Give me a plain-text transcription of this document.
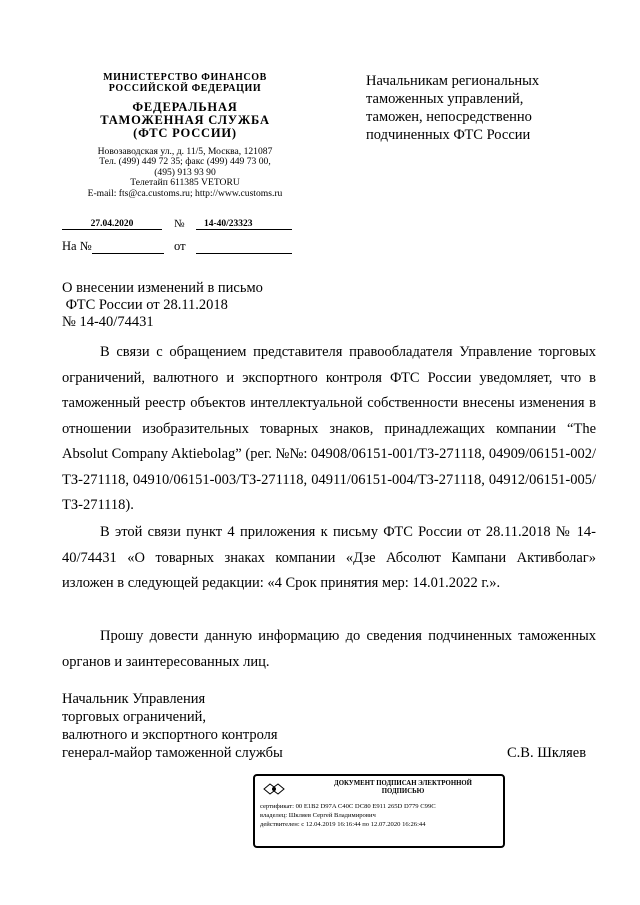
МИНИСТЕРСТВО ФИНАНСОВ
РОССИЙСКОЙ ФЕДЕРАЦИИ
ФЕДЕРАЛЬНАЯ
ТАМОЖЕННАЯ СЛУЖБА
(ФТС РОССИИ)
Новозаводская ул., д. 11/5, Москва, 121087
Тел. (499) 449 72 35; факс (499) 449 73 00,
(495) 913 93 90
Телетайп 611385 VETORU
E-mail: fts@ca.customs.ru; http://www.customs.ru
27.04.2020	№	14-40/23323
На №	от
Начальникам региональных
таможенных управлений,
таможен, непосредственно
подчиненных ФТС России
О внесении изменений в письмо
ФТС России от 28.11.2018
№ 14-40/74431
В связи с обращением представителя правообладателя Управление торговых ограничений, валютного и экспортного контроля ФТС России уведомляет, что в таможенный реестр объектов интеллектуальной собственности внесены изменения в отношении изобразительных товарных знаков, принадлежащих компании “The Absolut Company Aktiebolag” (рег. №№: 04908/06151-001/ТЗ-271118, 04909/06151-002/ТЗ-271118, 04910/06151-003/ТЗ-271118, 04911/06151-004/ТЗ-271118, 04912/06151-005/ТЗ-271118).
В этой связи пункт 4 приложения к письму ФТС России от 28.11.2018 № 14-40/74431 «О товарных знаках компании «Дзе Абсолют Кампани Активболаг» изложен в следующей редакции: «4 Срок принятия мер: 14.01.2022 г.».
Прошу довести данную информацию до сведения подчиненных таможенных органов и заинтересованных лиц.
Начальник Управления
торговых ограничений,
валютного и экспортного контроля
генерал-майор таможенной службы	С.В. Шкляев
ДОКУМЕНТ ПОДПИСАН ЭЛЕКТРОННОЙ
ПОДПИСЬЮ
сертификат: 00 E1B2 D97A C40C DC80 E911 265D D779 C99C
владелец: Шкляев Сергей Владимирович
действителен: с 12.04.2019 16:16:44 по 12.07.2020 16:26:44
